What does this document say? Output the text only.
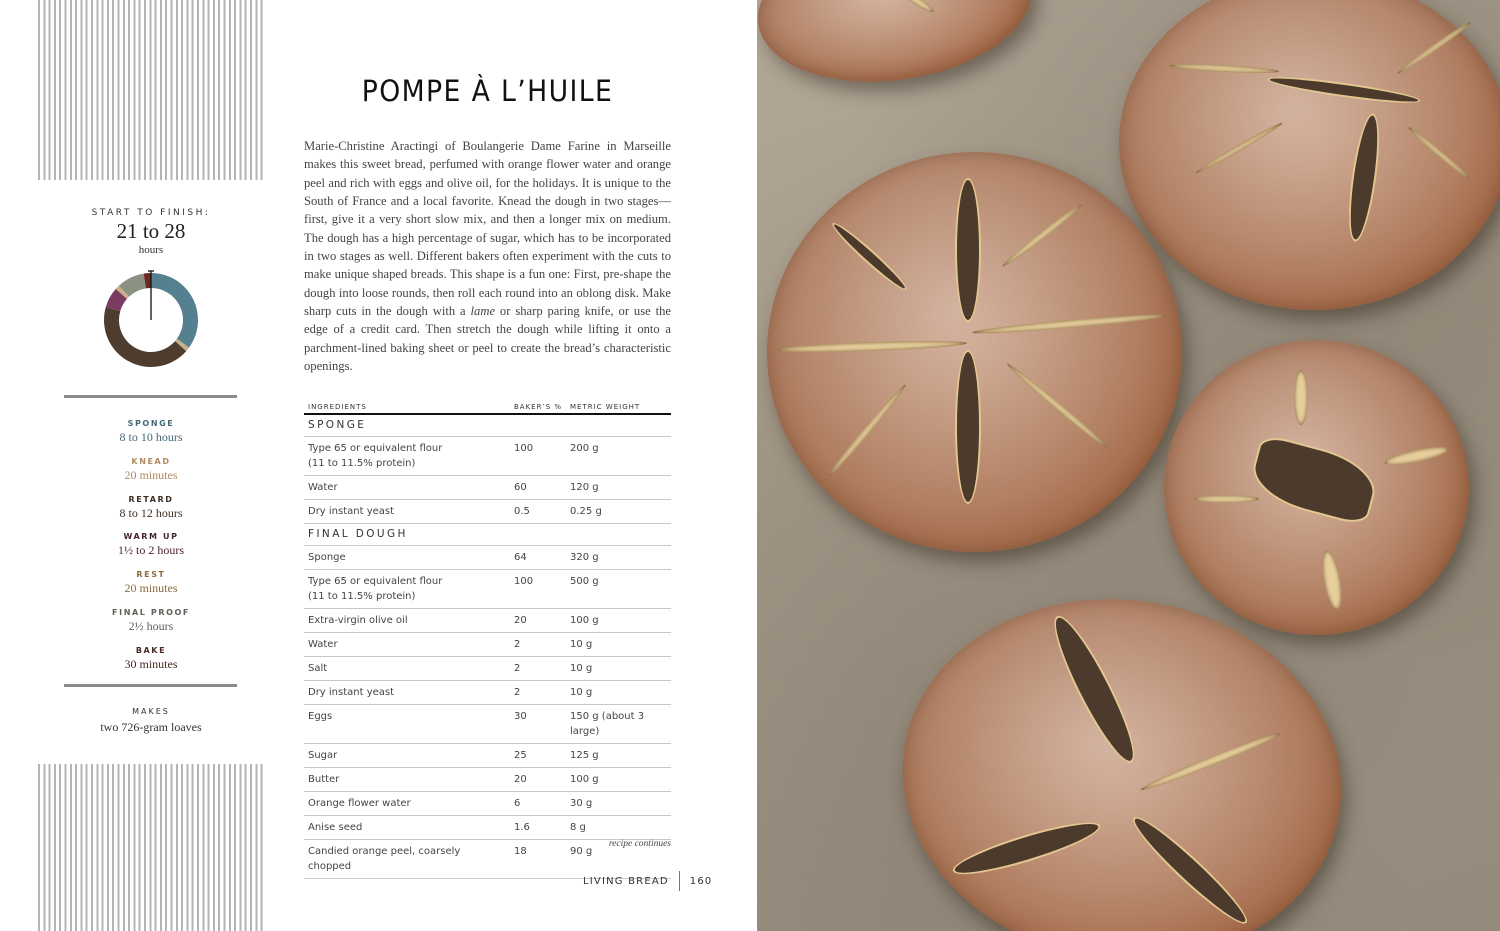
START TO FINISH:
21 to 28
hours
SPONGE
8 to 10 hours
KNEAD
20 minutes
RETARD
8 to 12 hours
WARM UP
1½ to 2 hours
REST
20 minutes
FINAL PROOF
2½ hours
BAKE
30 minutes
MAKES
two 726-gram loaves
POMPE À L’HUILE

Marie-Christine Aractingi of Boulangerie Dame Farine in Marseille makes this sweet bread, perfumed with orange flower water and orange peel and rich with eggs and olive oil, for the holidays. It is unique to the South of France and a local favorite. Knead the dough in two stages—first, give it a very short slow mix, and then a longer mix on medium. The dough has a high percentage of sugar, which has to be incorporated in two stages as well. Different bakers often experiment with the cuts to make unique shaped breads. This shape is a fun one: First, pre-shape the dough into loose rounds, then roll each round into an oblong disk. Make sharp cuts in the dough with a lame or sharp paring knife, or use the edge of a credit card. Then stretch the dough while lifting it onto a parchment-lined baking sheet or peel to create the bread’s characteristic openings.

INGREDIENTS	BAKER’S %	METRIC WEIGHT
SPONGE		

Type 65 or equivalent flour
(11 to 11.5% protein)	100	200 g

Water	60	120 g

Dry instant yeast	0.5	0.25 g
FINAL DOUGH		

Sponge	64	320 g

Type 65 or equivalent flour
(11 to 11.5% protein)	100	500 g

Extra-virgin olive oil	20	100 g

Water	2	10 g

Salt	2	10 g

Dry instant yeast	2	10 g

Eggs	30	150 g (about 3 large)

Sugar	25	125 g

Butter	20	100 g

Orange flower water	6	30 g

Anise seed	1.6	8 g

Candied orange peel, coarsely chopped	18	90 g
recipe continues
LIVING BREAD 160
